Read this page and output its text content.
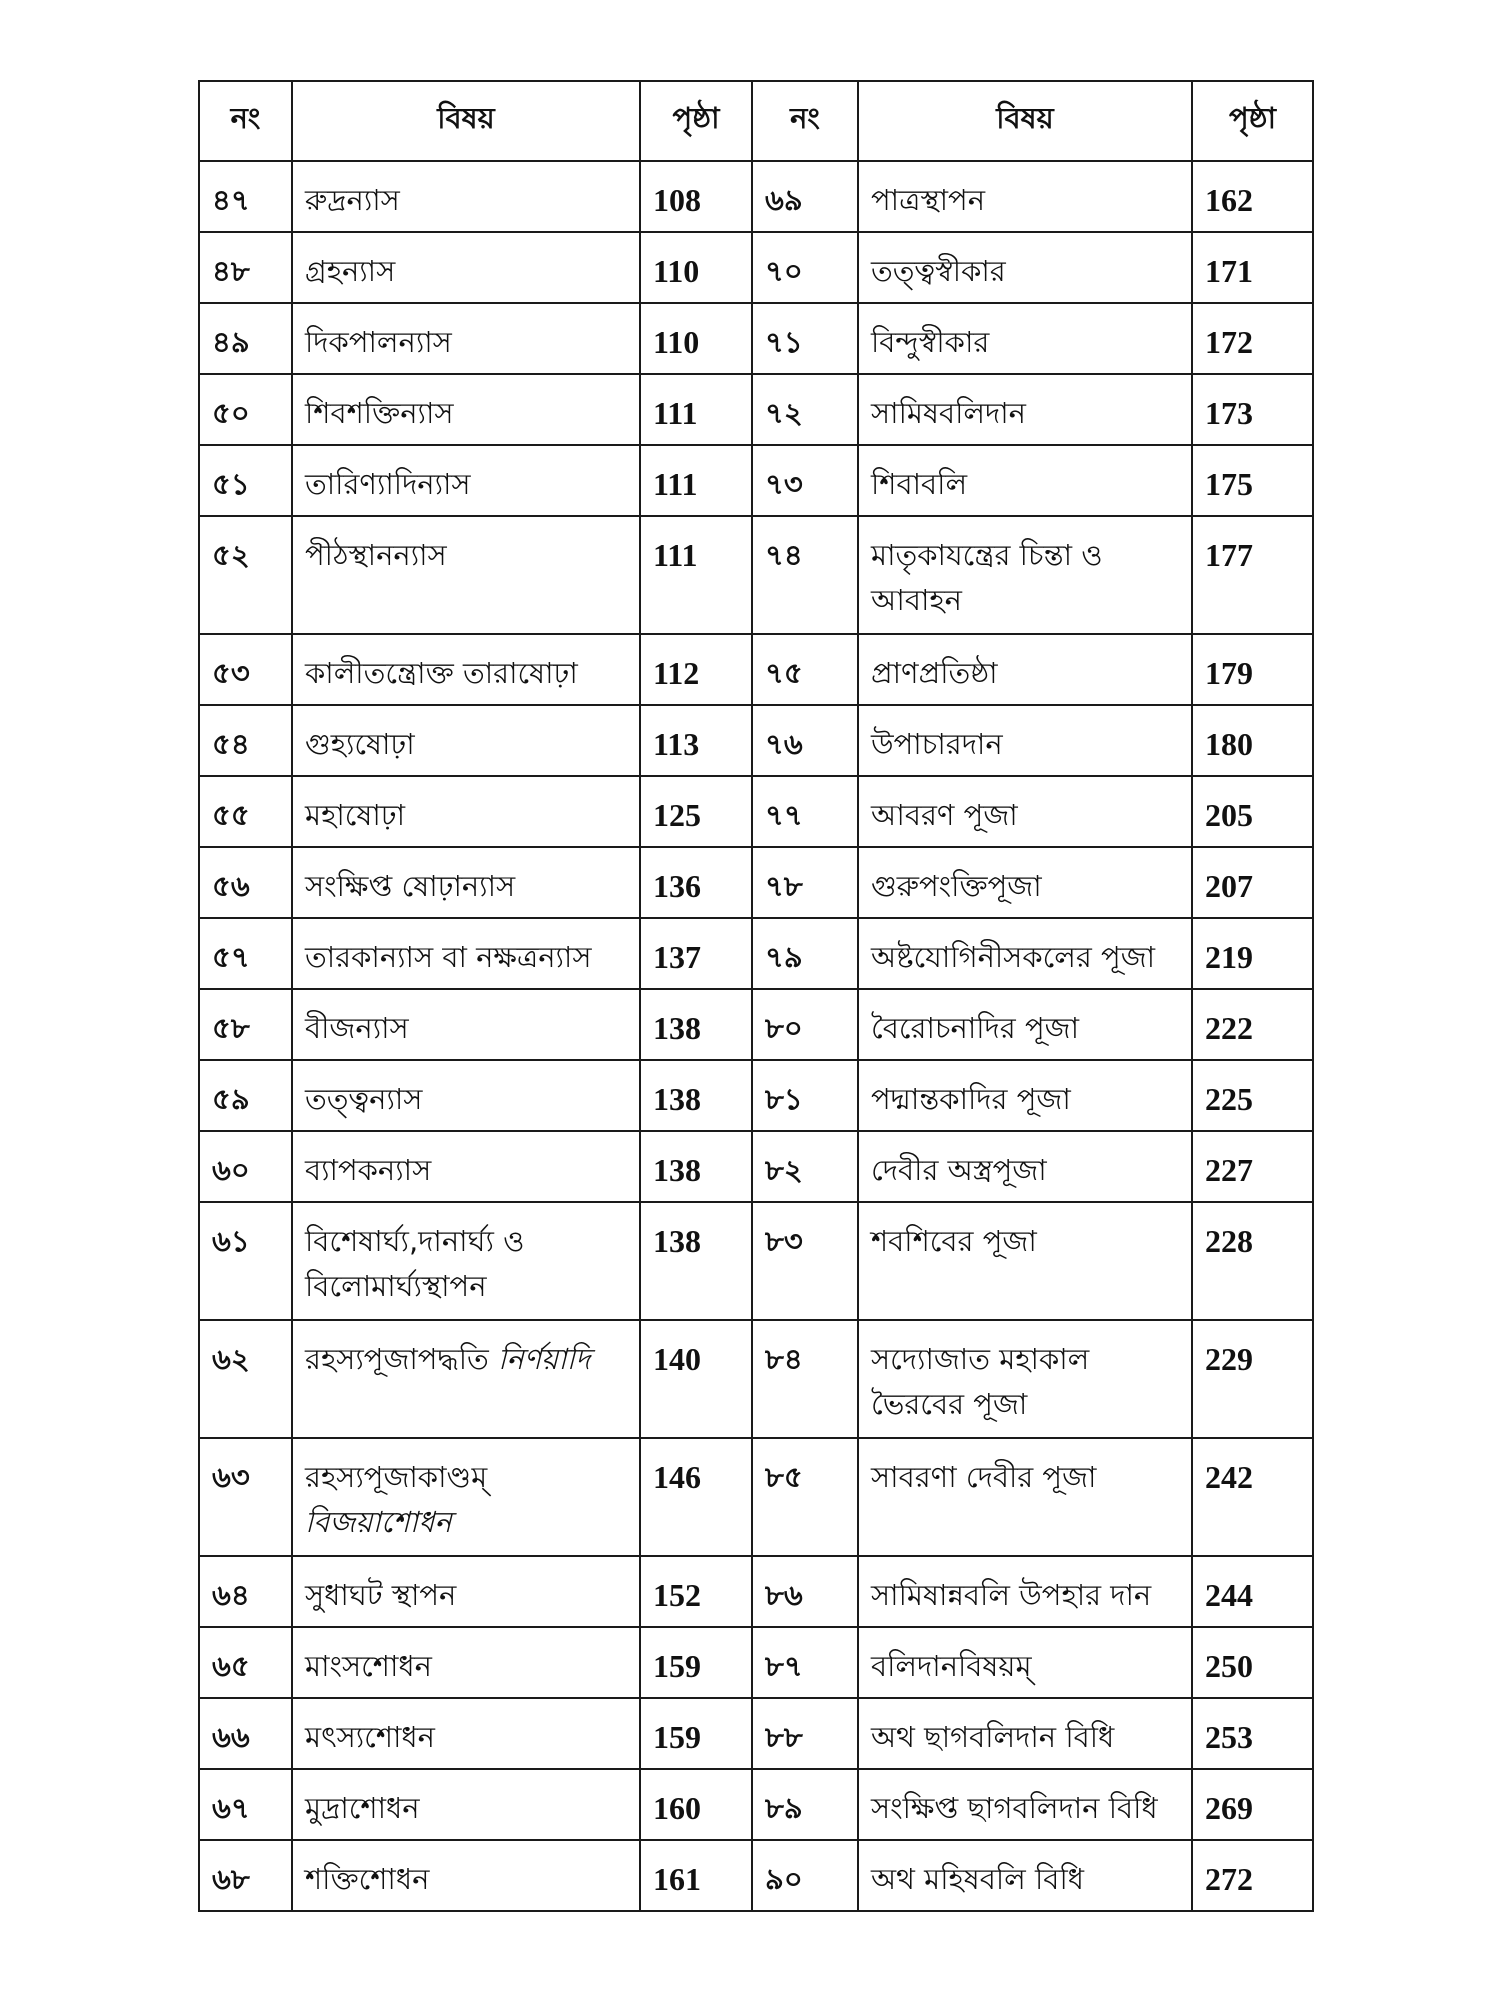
নং	বিষয়	পৃষ্ঠা	নং	বিষয়	পৃষ্ঠা
৪৭	রুদ্রন্যাস	108	৬৯	পাত্রস্থাপন	162
৪৮	গ্রহন্যাস	110	৭০	তত্ত্বস্বীকার	171
৪৯	দিকপালন্যাস	110	৭১	বিন্দুস্বীকার	172
৫০	শিবশক্তিন্যাস	111	৭২	সামিষবলিদান	173
৫১	তারিণ্যাদিন্যাস	111	৭৩	শিবাবলি	175
৫২	পীঠস্থানন্যাস	111	৭৪	মাতৃকাযন্ত্রের চিন্তা ও আবাহন	177
৫৩	কালীতন্ত্রোক্ত তারাষোঢ়া	112	৭৫	প্রাণপ্রতিষ্ঠা	179
৫৪	গুহ্যষোঢ়া	113	৭৬	উপাচারদান	180
৫৫	মহাষোঢ়া	125	৭৭	আবরণ পূজা	205
৫৬	সংক্ষিপ্ত ষোঢ়ান্যাস	136	৭৮	গুরুপংক্তিপূজা	207
৫৭	তারকান্যাস বা নক্ষত্রন্যাস	137	৭৯	অষ্টযোগিনীসকলের পূজা	219
৫৮	বীজন্যাস	138	৮০	বৈরোচনাদির পূজা	222
৫৯	তত্ত্বন্যাস	138	৮১	পদ্মান্তকাদির পূজা	225
৬০	ব্যাপকন্যাস	138	৮২	দেবীর অস্ত্রপূজা	227
৬১	বিশেষার্ঘ্য,দানার্ঘ্য ও বিলোমার্ঘ্যস্থাপন	138	৮৩	শবশিবের পূজা	228
৬২	রহস্যপূজাপদ্ধতি নির্ণয়াদি	140	৮৪	সদ্যোজাত মহাকাল ভৈরবের পূজা	229
৬৩	রহস্যপূজাকাণ্ডম্ বিজয়াশোধন	146	৮৫	সাবরণা দেবীর পূজা	242
৬৪	সুধাঘট স্থাপন	152	৮৬	সামিষান্নবলি উপহার দান	244
৬৫	মাংসশোধন	159	৮৭	বলিদানবিষয়ম্	250
৬৬	মৎস্যশোধন	159	৮৮	অথ ছাগবলিদান বিধি	253
৬৭	মুদ্রাশোধন	160	৮৯	সংক্ষিপ্ত ছাগবলিদান বিধি	269
৬৮	শক্তিশোধন	161	৯০	অথ মহিষবলি বিধি	272
